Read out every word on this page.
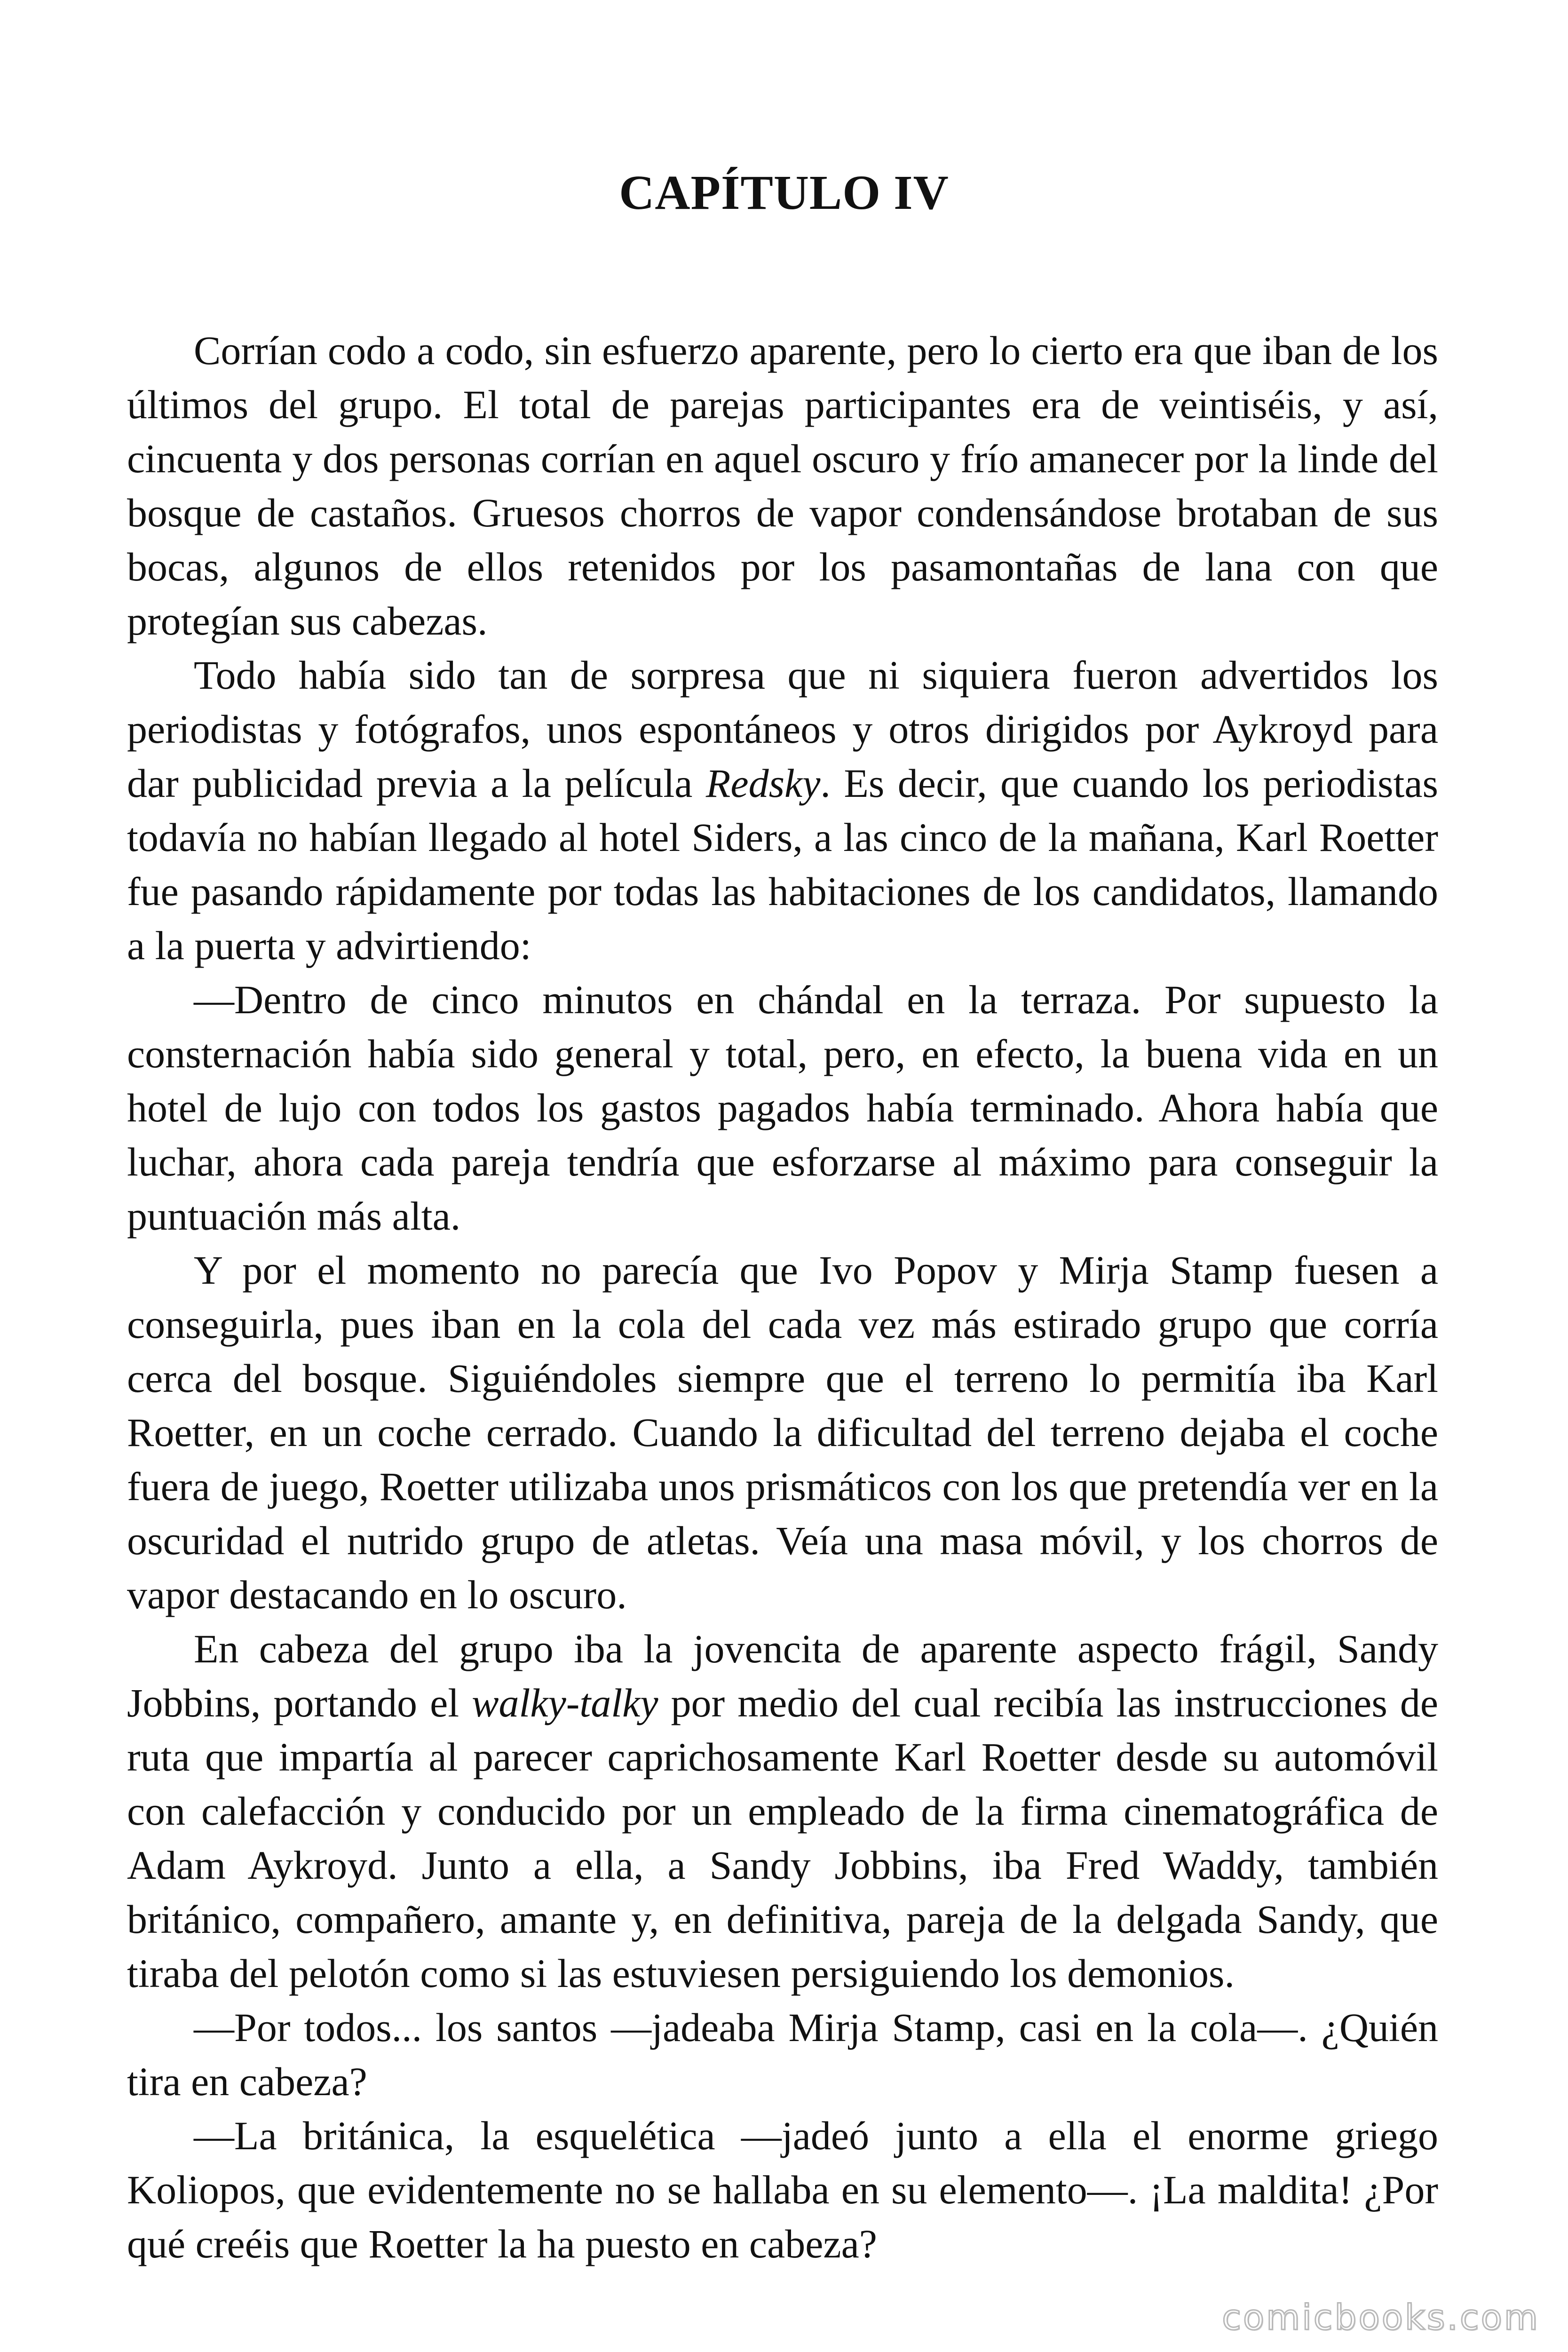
CAPÍTULO IV

Corrían codo a codo, sin esfuerzo aparente, pero lo cierto era que iban de los últimos del grupo. El total de parejas participantes era de veintiséis, y así, cincuenta y dos personas corrían en aquel oscuro y frío amanecer por la linde del bosque de castaños. Gruesos chorros de vapor condensándose brotaban de sus bocas, algunos de ellos retenidos por los pasamontañas de lana con que protegían sus cabezas.

Todo había sido tan de sorpresa que ni siquiera fueron advertidos los periodistas y fotógrafos, unos espontáneos y otros dirigidos por Aykroyd para dar publicidad previa a la película Redsky. Es decir, que cuando los periodistas todavía no habían llegado al hotel Siders, a las cinco de la mañana, Karl Roetter fue pasando rápidamente por todas las habitaciones de los candidatos, llamando a la puerta y advirtiendo:

—Dentro de cinco minutos en chándal en la terraza. Por supuesto la consternación había sido general y total, pero, en efecto, la buena vida en un hotel de lujo con todos los gastos pagados había terminado. Ahora había que luchar, ahora cada pareja tendría que esforzarse al máximo para conseguir la puntuación más alta.

Y por el momento no parecía que Ivo Popov y Mirja Stamp fuesen a conseguirla, pues iban en la cola del cada vez más estirado grupo que corría cerca del bosque. Siguiéndoles siempre que el terreno lo permitía iba Karl Roetter, en un coche cerrado. Cuando la dificultad del terreno dejaba el coche fuera de juego, Roetter utilizaba unos prismáticos con los que pretendía ver en la oscuridad el nutrido grupo de atletas. Veía una masa móvil, y los chorros de vapor destacando en lo oscuro.

En cabeza del grupo iba la jovencita de aparente aspecto frágil, Sandy Jobbins, portando el walky-talky por medio del cual recibía las instrucciones de ruta que impartía al parecer caprichosamente Karl Roetter desde su automóvil con calefacción y conducido por un empleado de la firma cinematográfica de Adam Aykroyd. Junto a ella, a Sandy Jobbins, iba Fred Waddy, también británico, compañero, amante y, en definitiva, pareja de la delgada Sandy, que tiraba del pelotón como si las estuviesen persiguiendo los demonios.

—Por todos... los santos —jadeaba Mirja Stamp, casi en la cola—. ¿Quién tira en cabeza?

—La británica, la esquelética —jadeó junto a ella el enorme griego Koliopos, que evidentemente no se hallaba en su elemento—. ¡La maldita! ¿Por qué creéis que Roetter la ha puesto en cabeza?

comicbooks.com
